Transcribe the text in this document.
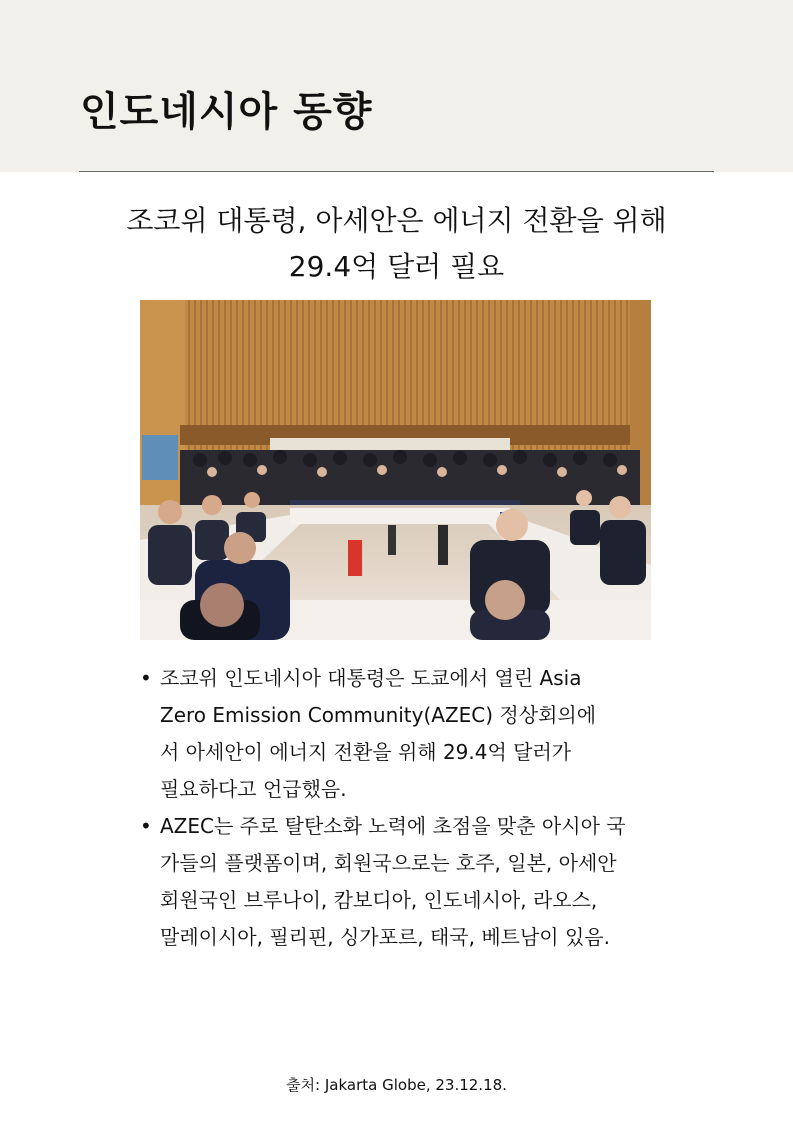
인도네시아 동향
조코위 대통령, 아세안은 에너지 전환을 위해
29.4억 달러 필요
• 조코위 인도네시아 대통령은 도쿄에서 열린 Asia
Zero Emission Community(AZEC) 정상회의에
서 아세안이 에너지 전환을 위해 29.4억 달러가
필요하다고 언급했음.
• AZEC는 주로 탈탄소화 노력에 초점을 맞춘 아시아 국
가들의 플랫폼이며, 회원국으로는 호주, 일본, 아세안
회원국인 브루나이, 캄보디아, 인도네시아, 라오스,
말레이시아, 필리핀, 싱가포르, 태국, 베트남이 있음.
출처: Jakarta Globe, 23.12.18.
